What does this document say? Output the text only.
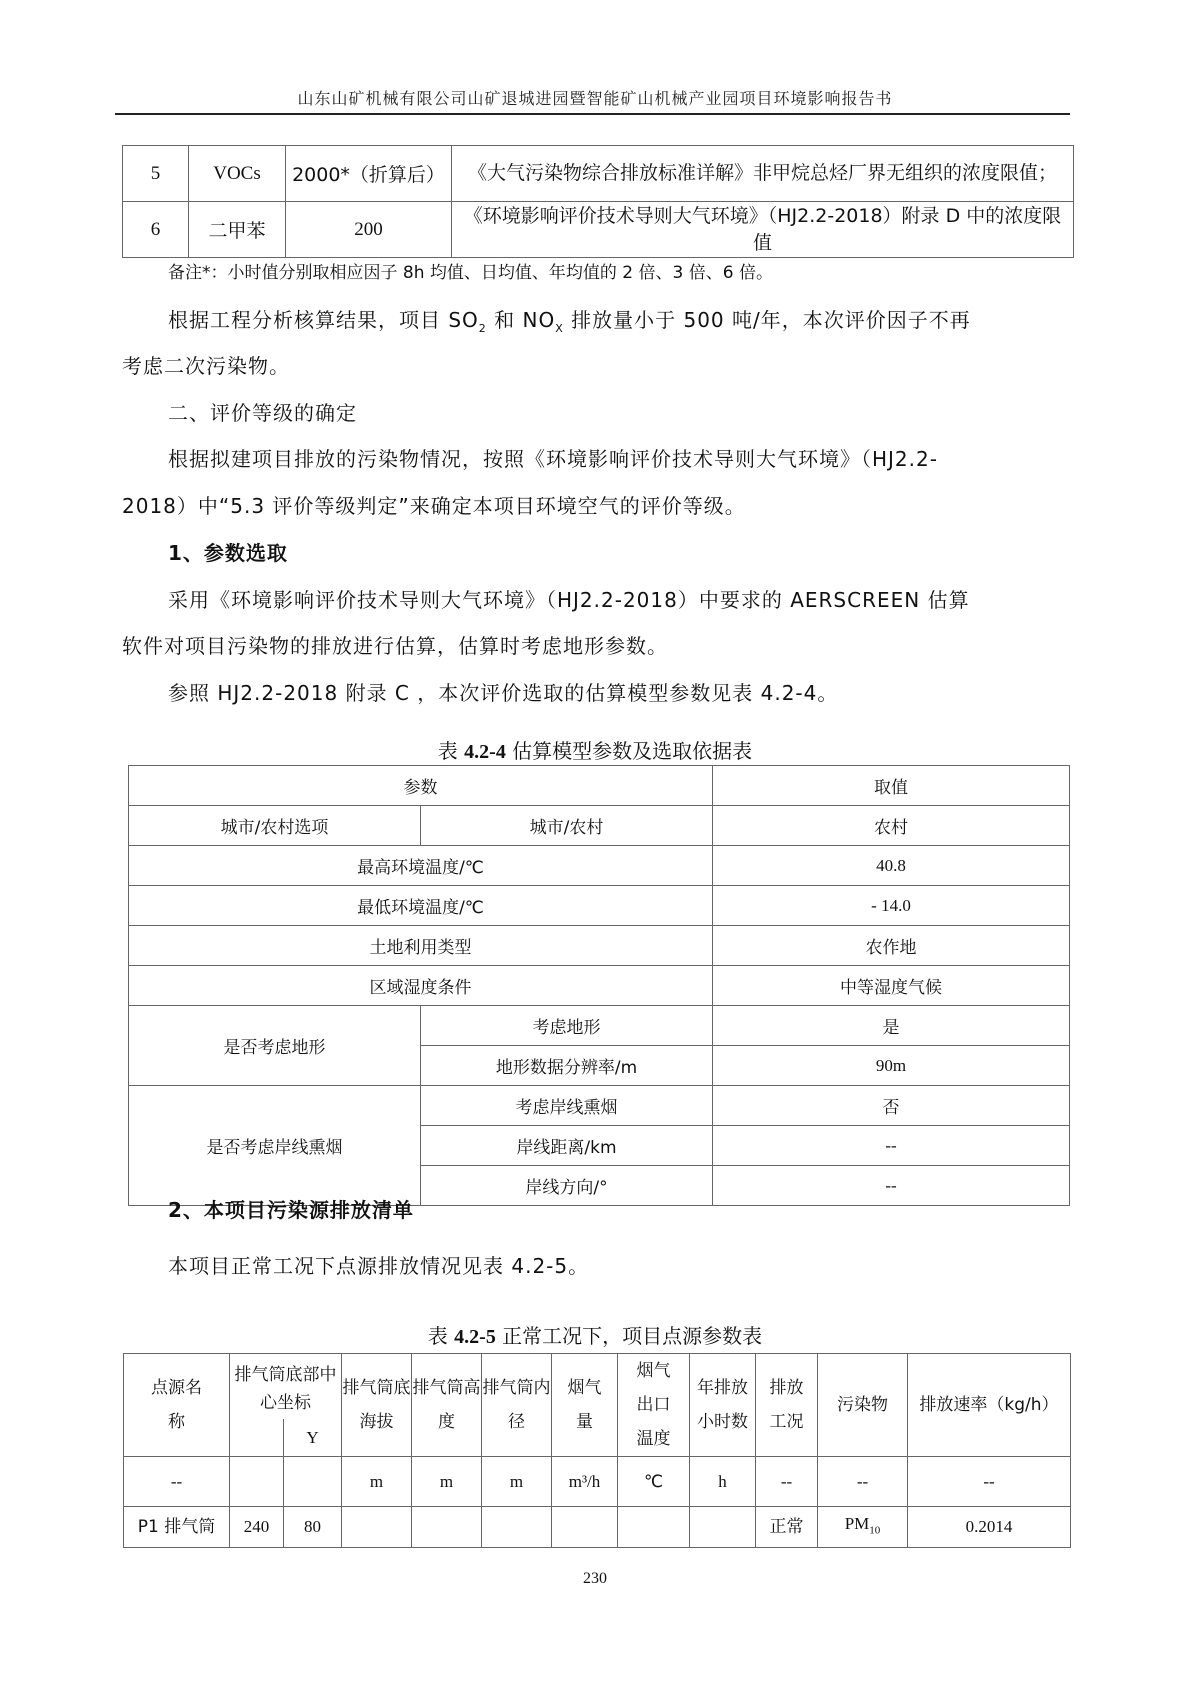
山东山矿机械有限公司山矿退城进园暨智能矿山机械产业园项目环境影响报告书
5	VOCs	2000*（折算后）	《大气污染物综合排放标准详解》非甲烷总烃厂界无组织的浓度限值；
6	二甲苯	200	《环境影响评价技术导则大气环境》（HJ2.2-2018）附录 D 中的浓度限值
备注*：小时值分别取相应因子 8h 均值、日均值、年均值的 2 倍、3 倍、6 倍。
根据工程分析核算结果，项目 $SO_2$ 和 $NO_X$ 排放量小于 500 吨/年，本次评价因子不再
考虑二次污染物。
二、评价等级的确定
根据拟建项目排放的污染物情况，按照《环境影响评价技术导则大气环境》（HJ2.2-
2018）中“5.3 评价等级判定”来确定本项目环境空气的评价等级。
1、参数选取
采用《环境影响评价技术导则大气环境》（HJ2.2-2018）中要求的 AERSCREEN 估算
软件对项目污染物的排放进行估算，估算时考虑地形参数。
参照 HJ2.2-2018 附录 C ，本次评价选取的估算模型参数见表 4.2-4。
表 4.2-4 估算模型参数及选取依据表
参数		取值
城市/农村选项	城市/农村	农村
最高环境温度/℃		40.8
最低环境温度/℃		- 14.0
土地利用类型		农作地
区域湿度条件		中等湿度气候
是否考虑地形	考虑地形	是
	地形数据分辨率/m	90m
是否考虑岸线熏烟	考虑岸线熏烟	否
	岸线距离/km	--
	岸线方向/°	--
2、本项目污染源排放清单
本项目正常工况下点源排放情况见表 4.2-5。
表 4.2-5 正常工况下，项目点源参数表
点源名称	排气筒底部中心坐标		排气筒底海拔	排气筒高度	排气筒内径	烟气量	烟气出口温度	年排放小时数	排放工况	污染物	排放速率（kg/h）
		Y									
--			m	m	m	m³/h	℃	h	--	--	--
P1 排气筒	240	80							正常	$PM_{10}$	0.2014
230
